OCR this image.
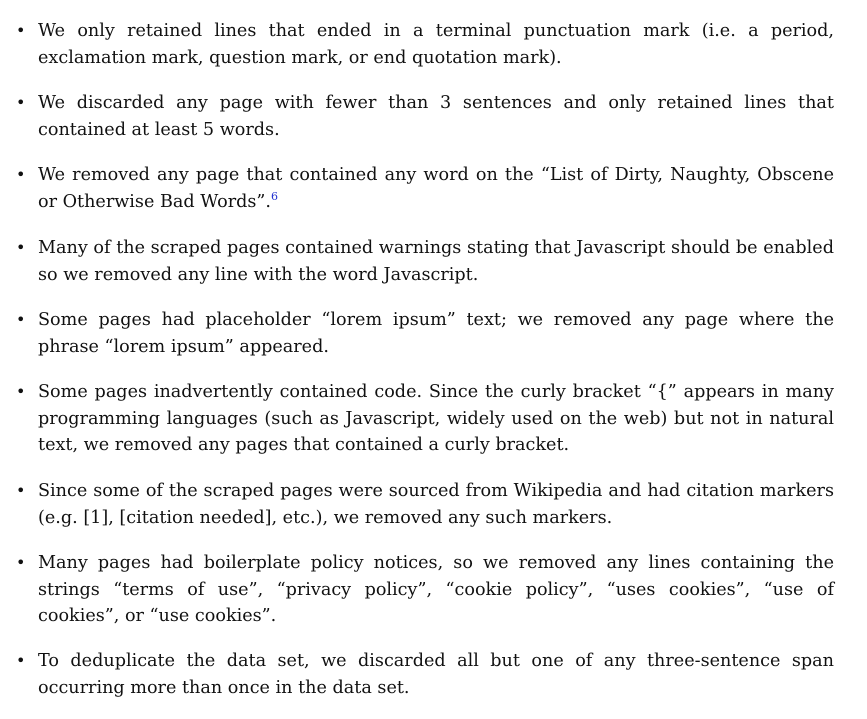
• We only retained lines that ended in a terminal punctuation mark (i.e. a period, exclamation mark, question mark, or end quotation mark).
• We discarded any page with fewer than 3 sentences and only retained lines that contained at least 5 words.
• We removed any page that contained any word on the “List of Dirty, Naughty, Obscene or Otherwise Bad Words”.$^6$
• Many of the scraped pages contained warnings stating that Javascript should be enabled so we removed any line with the word Javascript.
• Some pages had placeholder “lorem ipsum” text; we removed any page where the phrase “lorem ipsum” appeared.
• Some pages inadvertently contained code. Since the curly bracket “{” appears in many programming languages (such as Javascript, widely used on the web) but not in natural text, we removed any pages that contained a curly bracket.
• Since some of the scraped pages were sourced from Wikipedia and had citation markers (e.g. [1], [citation needed], etc.), we removed any such markers.
• Many pages had boilerplate policy notices, so we removed any lines containing the strings “terms of use”, “privacy policy”, “cookie policy”, “uses cookies”, “use of cookies”, or “use cookies”.
• To deduplicate the data set, we discarded all but one of any three-sentence span occurring more than once in the data set.
